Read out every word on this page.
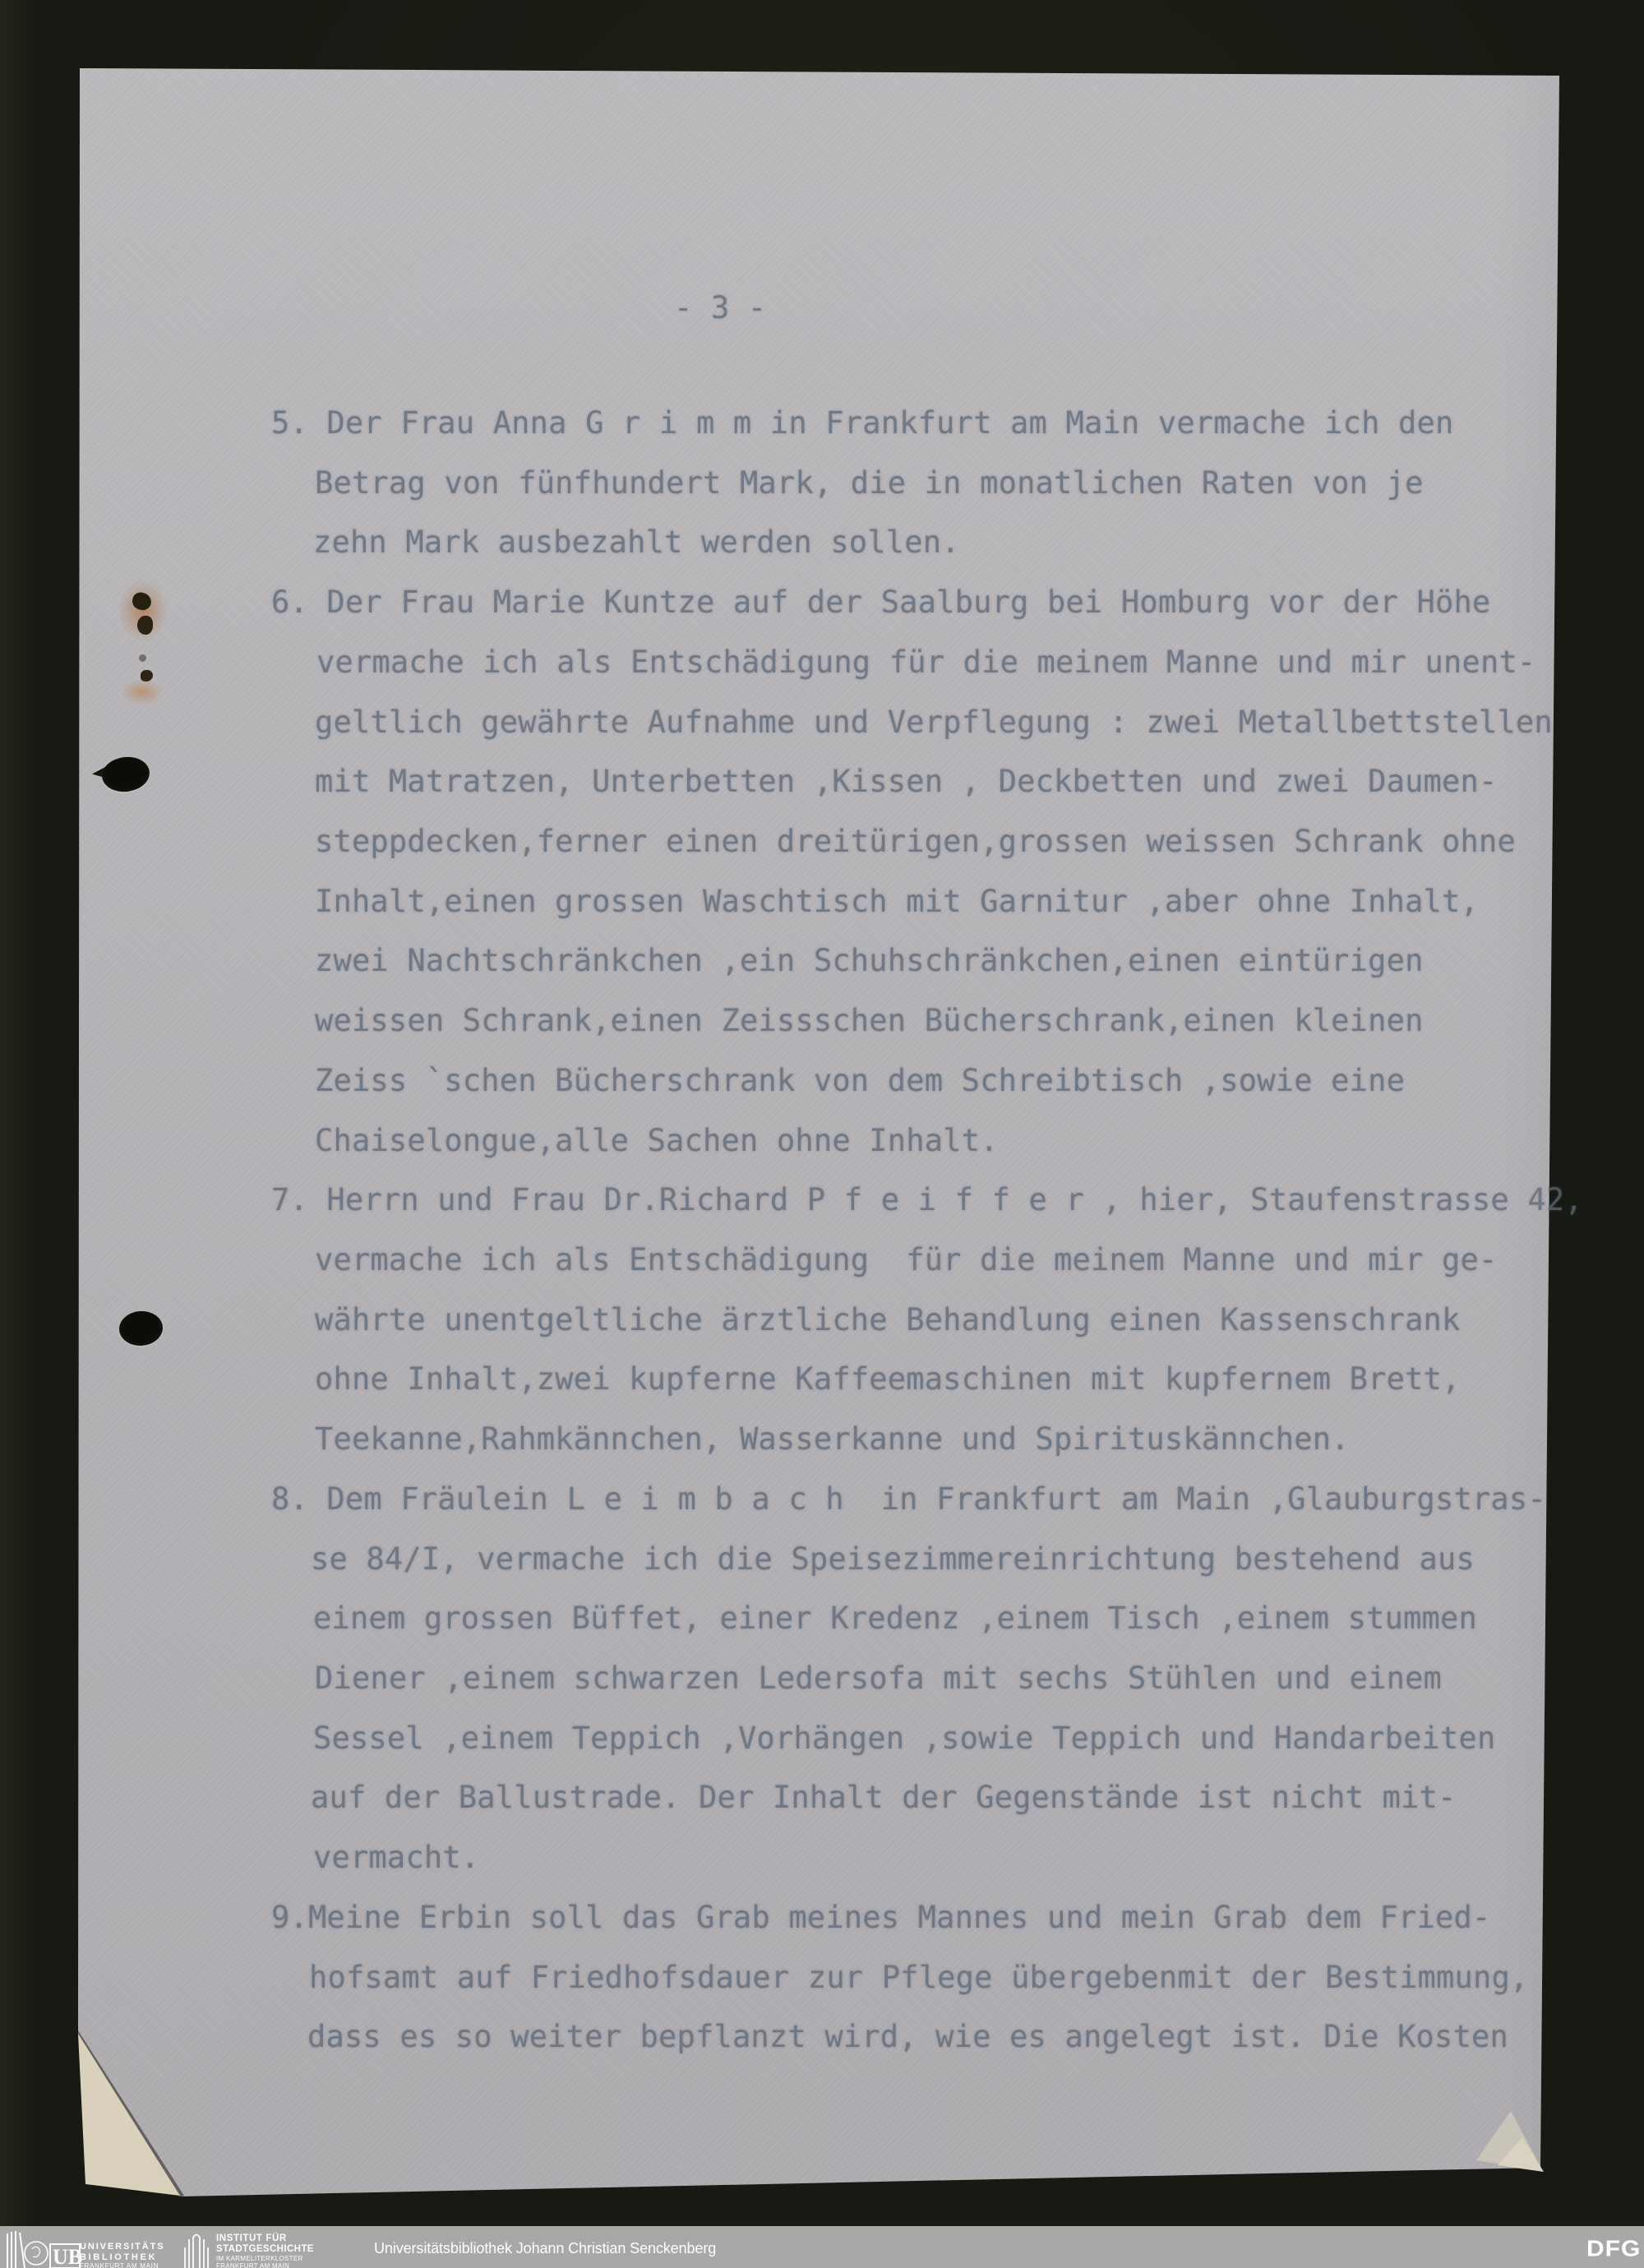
- 3 -
5. Der Frau Anna G r i m m in Frankfurt am Main vermache ich den
Betrag von fünfhundert Mark, die in monatlichen Raten von je
zehn Mark ausbezahlt werden sollen.
6. Der Frau Marie Kuntze auf der Saalburg bei Homburg vor der Höhe
vermache ich als Entschädigung für die meinem Manne und mir unent-
geltlich gewährte Aufnahme und Verpflegung : zwei Metallbettstellen
mit Matratzen, Unterbetten ,Kissen , Deckbetten und zwei Daumen-
steppdecken,ferner einen dreitürigen,grossen weissen Schrank ohne
Inhalt,einen grossen Waschtisch mit Garnitur ,aber ohne Inhalt,
zwei Nachtschränkchen ,ein Schuhschränkchen,einen eintürigen
weissen Schrank,einen Zeissschen Bücherschrank,einen kleinen
Zeiss `schen Bücherschrank von dem Schreibtisch ,sowie eine
Chaiselongue,alle Sachen ohne Inhalt.
7. Herrn und Frau Dr.Richard P f e i f f e r , hier, Staufenstrasse 42,
vermache ich als Entschädigung  für die meinem Manne und mir ge-
währte unentgeltliche ärztliche Behandlung einen Kassenschrank
ohne Inhalt,zwei kupferne Kaffeemaschinen mit kupfernem Brett,
Teekanne,Rahmkännchen, Wasserkanne und Spirituskännchen.
8. Dem Fräulein L e i m b a c h  in Frankfurt am Main ,Glauburgstras-
se 84/I, vermache ich die Speisezimmereinrichtung bestehend aus
einem grossen Büffet, einer Kredenz ,einem Tisch ,einem stummen
Diener ,einem schwarzen Ledersofa mit sechs Stühlen und einem
Sessel ,einem Teppich ,Vorhängen ,sowie Teppich und Handarbeiten
auf der Ballustrade. Der Inhalt der Gegenstände ist nicht mit-
vermacht.
9.Meine Erbin soll das Grab meines Mannes und mein Grab dem Fried-
hofsamt auf Friedhofsdauer zur Pflege übergebenmit der Bestimmung,
dass es so weiter bepflanzt wird, wie es angelegt ist. Die Kosten
UB
UNIVERSITÄTS
BIBLIOTHEK
FRANKFURT AM MAIN
INSTITUT FÜR
STADTGESCHICHTE
IM KARMELITERKLOSTER
FRANKFURT AM MAIN
Universitätsbibliothek Johann Christian Senckenberg	DFG
